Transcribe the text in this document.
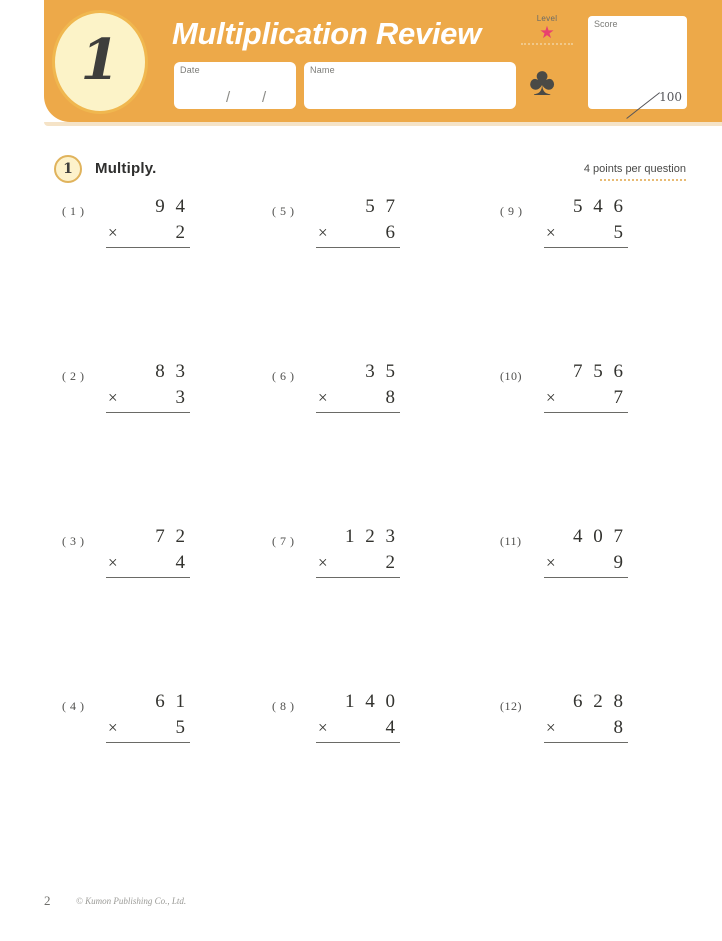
1 Multiplication Review
Date
/ /
Name
Level
★
♣
Score
100
1	Multiply.	4 points per question
( 1 )	9 4
×	2
( 2 )	8 3
×	3
( 3 )	7 2
×	4
( 4 )	6 1
×	5
( 5 )	5 7
×	6
( 6 )	3 5
×	8
( 7 )	1 2 3
×	2
( 8 )	1 4 0
×	4
( 9 )	5 4 6
×	5
(10)	7 5 6
×	7
(11)	4 0 7
×	9
(12)	6 2 8
×	8
2	© Kumon Publishing Co., Ltd.
